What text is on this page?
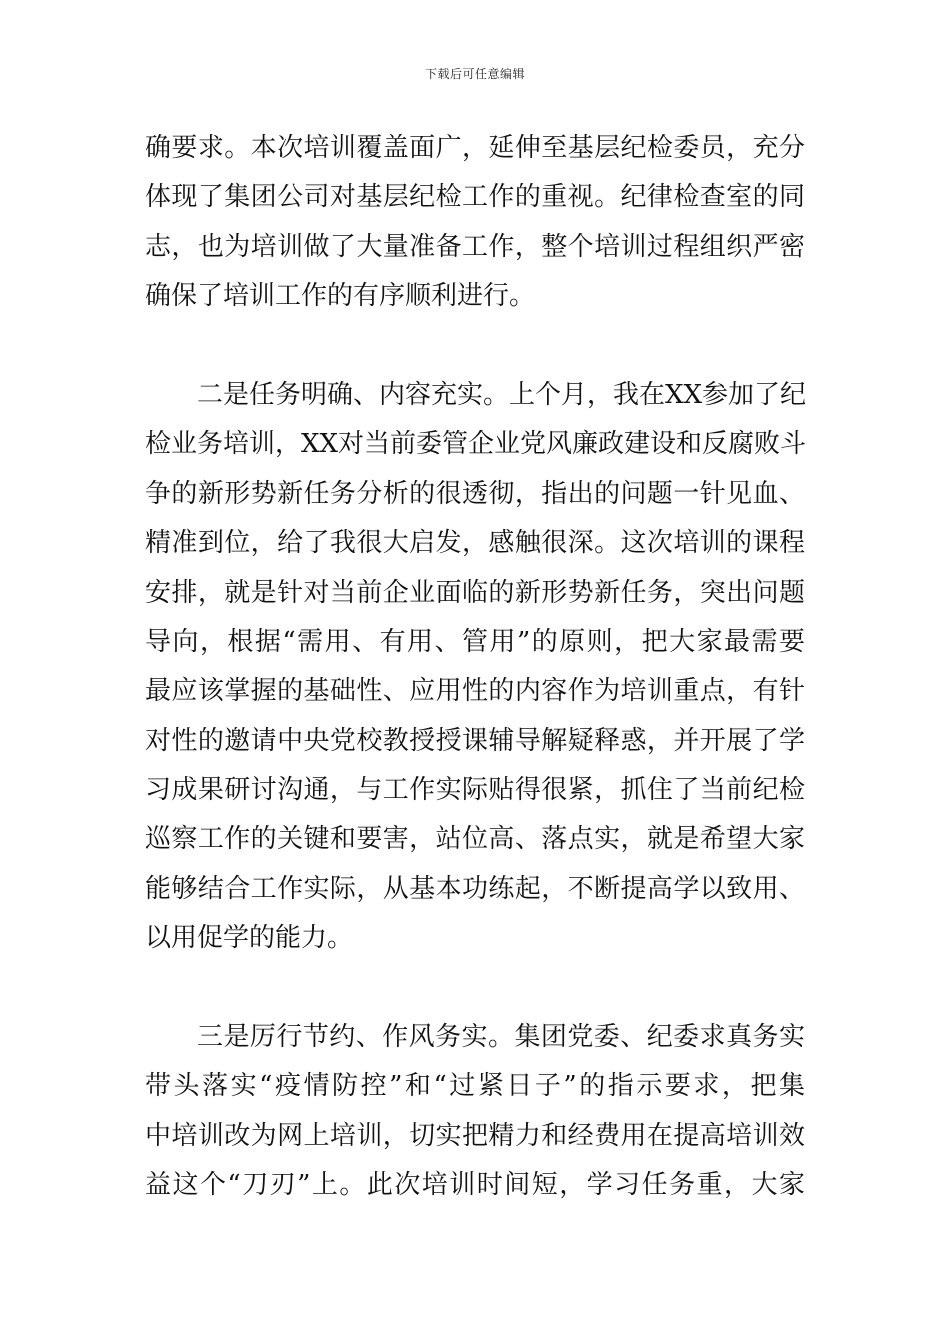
下载后可任意编辑
确要求。本次培训覆盖面广，延伸至基层纪检委员，充分
体现了集团公司对基层纪检工作的重视。纪律检查室的同
志，也为培训做了大量准备工作，整个培训过程组织严密
确保了培训工作的有序顺利进行。
二是任务明确、内容充实。上个月，我在XX参加了纪
检业务培训，XX对当前委管企业党风廉政建设和反腐败斗
争的新形势新任务分析的很透彻，指出的问题一针见血、
精准到位，给了我很大启发，感触很深。这次培训的课程
安排，就是针对当前企业面临的新形势新任务，突出问题
导向，根据“需用、有用、管用”的原则，把大家最需要
最应该掌握的基础性、应用性的内容作为培训重点，有针
对性的邀请中央党校教授授课辅导解疑释惑，并开展了学
习成果研讨沟通，与工作实际贴得很紧，抓住了当前纪检
巡察工作的关键和要害，站位高、落点实，就是希望大家
能够结合工作实际，从基本功练起，不断提高学以致用、
以用促学的能力。
三是厉行节约、作风务实。集团党委、纪委求真务实
带头落实“疫情防控”和“过紧日子”的指示要求，把集
中培训改为网上培训，切实把精力和经费用在提高培训效
益这个“刀刃”上。此次培训时间短，学习任务重，大家
